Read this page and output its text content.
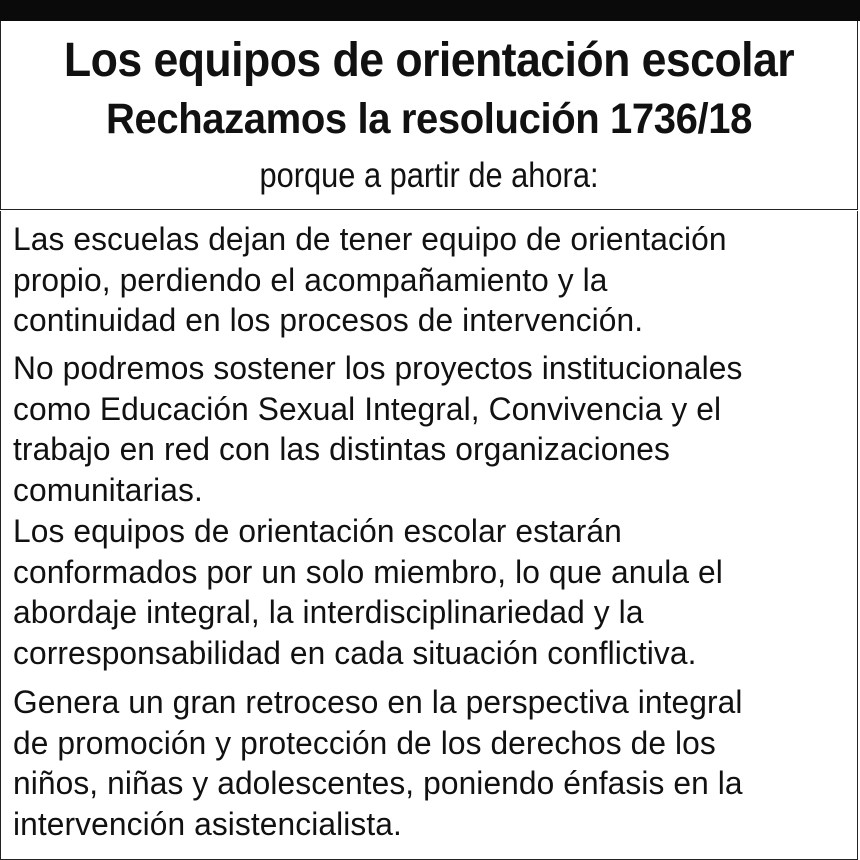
Los equipos de orientación escolar
Rechazamos la resolución 1736/18
porque a partir de ahora:
Las escuelas dejan de tener equipo de orientación
propio, perdiendo el acompañamiento y la
continuidad en los procesos de intervención.
No podremos sostener los proyectos institucionales
como Educación Sexual Integral, Convivencia y el
trabajo en red con las distintas organizaciones
comunitarias.
Los equipos de orientación escolar estarán
conformados por un solo miembro, lo que anula el
abordaje integral, la interdisciplinariedad y la
corresponsabilidad en cada situación conflictiva.
Genera un gran retroceso en la perspectiva integral
de promoción y protección de los derechos de los
niños, niñas y adolescentes, poniendo énfasis en la
intervención asistencialista.
